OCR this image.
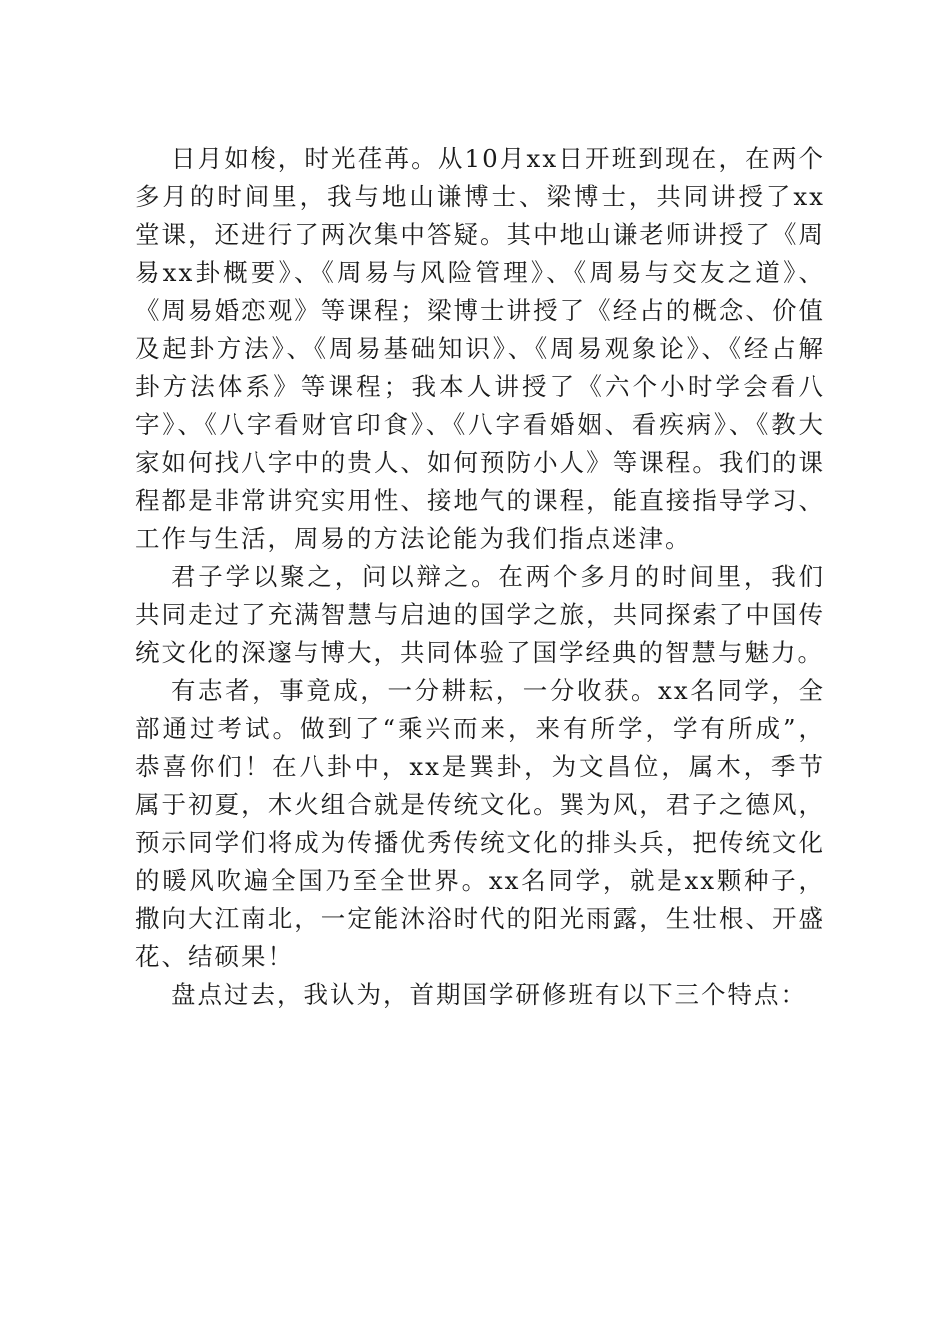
日月如梭，时光荏苒。从10月xx日开班到现在，在两个多月的时间里，我与地山谦博士、梁博士，共同讲授了xx堂课，还进行了两次集中答疑。其中地山谦老师讲授了《周易xx卦概要》、《周易与风险管理》、《周易与交友之道》、《周易婚恋观》等课程；梁博士讲授了《经占的概念、价值及起卦方法》、《周易基础知识》、《周易观象论》、《经占解卦方法体系》等课程；我本人讲授了《六个小时学会看八字》、《八字看财官印食》、《八字看婚姻、看疾病》、《教大家如何找八字中的贵人、如何预防小人》等课程。我们的课程都是非常讲究实用性、接地气的课程，能直接指导学习、工作与生活，周易的方法论能为我们指点迷津。

君子学以聚之，问以辩之。在两个多月的时间里，我们共同走过了充满智慧与启迪的国学之旅，共同探索了中国传统文化的深邃与博大，共同体验了国学经典的智慧与魅力。

有志者，事竟成，一分耕耘，一分收获。xx名同学，全部通过考试。做到了“乘兴而来，来有所学，学有所成”，恭喜你们！在八卦中，xx是巽卦，为文昌位，属木，季节属于初夏，木火组合就是传统文化。巽为风，君子之德风，预示同学们将成为传播优秀传统文化的排头兵，把传统文化的暖风吹遍全国乃至全世界。xx名同学，就是xx颗种子，撒向大江南北，一定能沐浴时代的阳光雨露，生壮根、开盛花、结硕果！

盘点过去，我认为，首期国学研修班有以下三个特点：
